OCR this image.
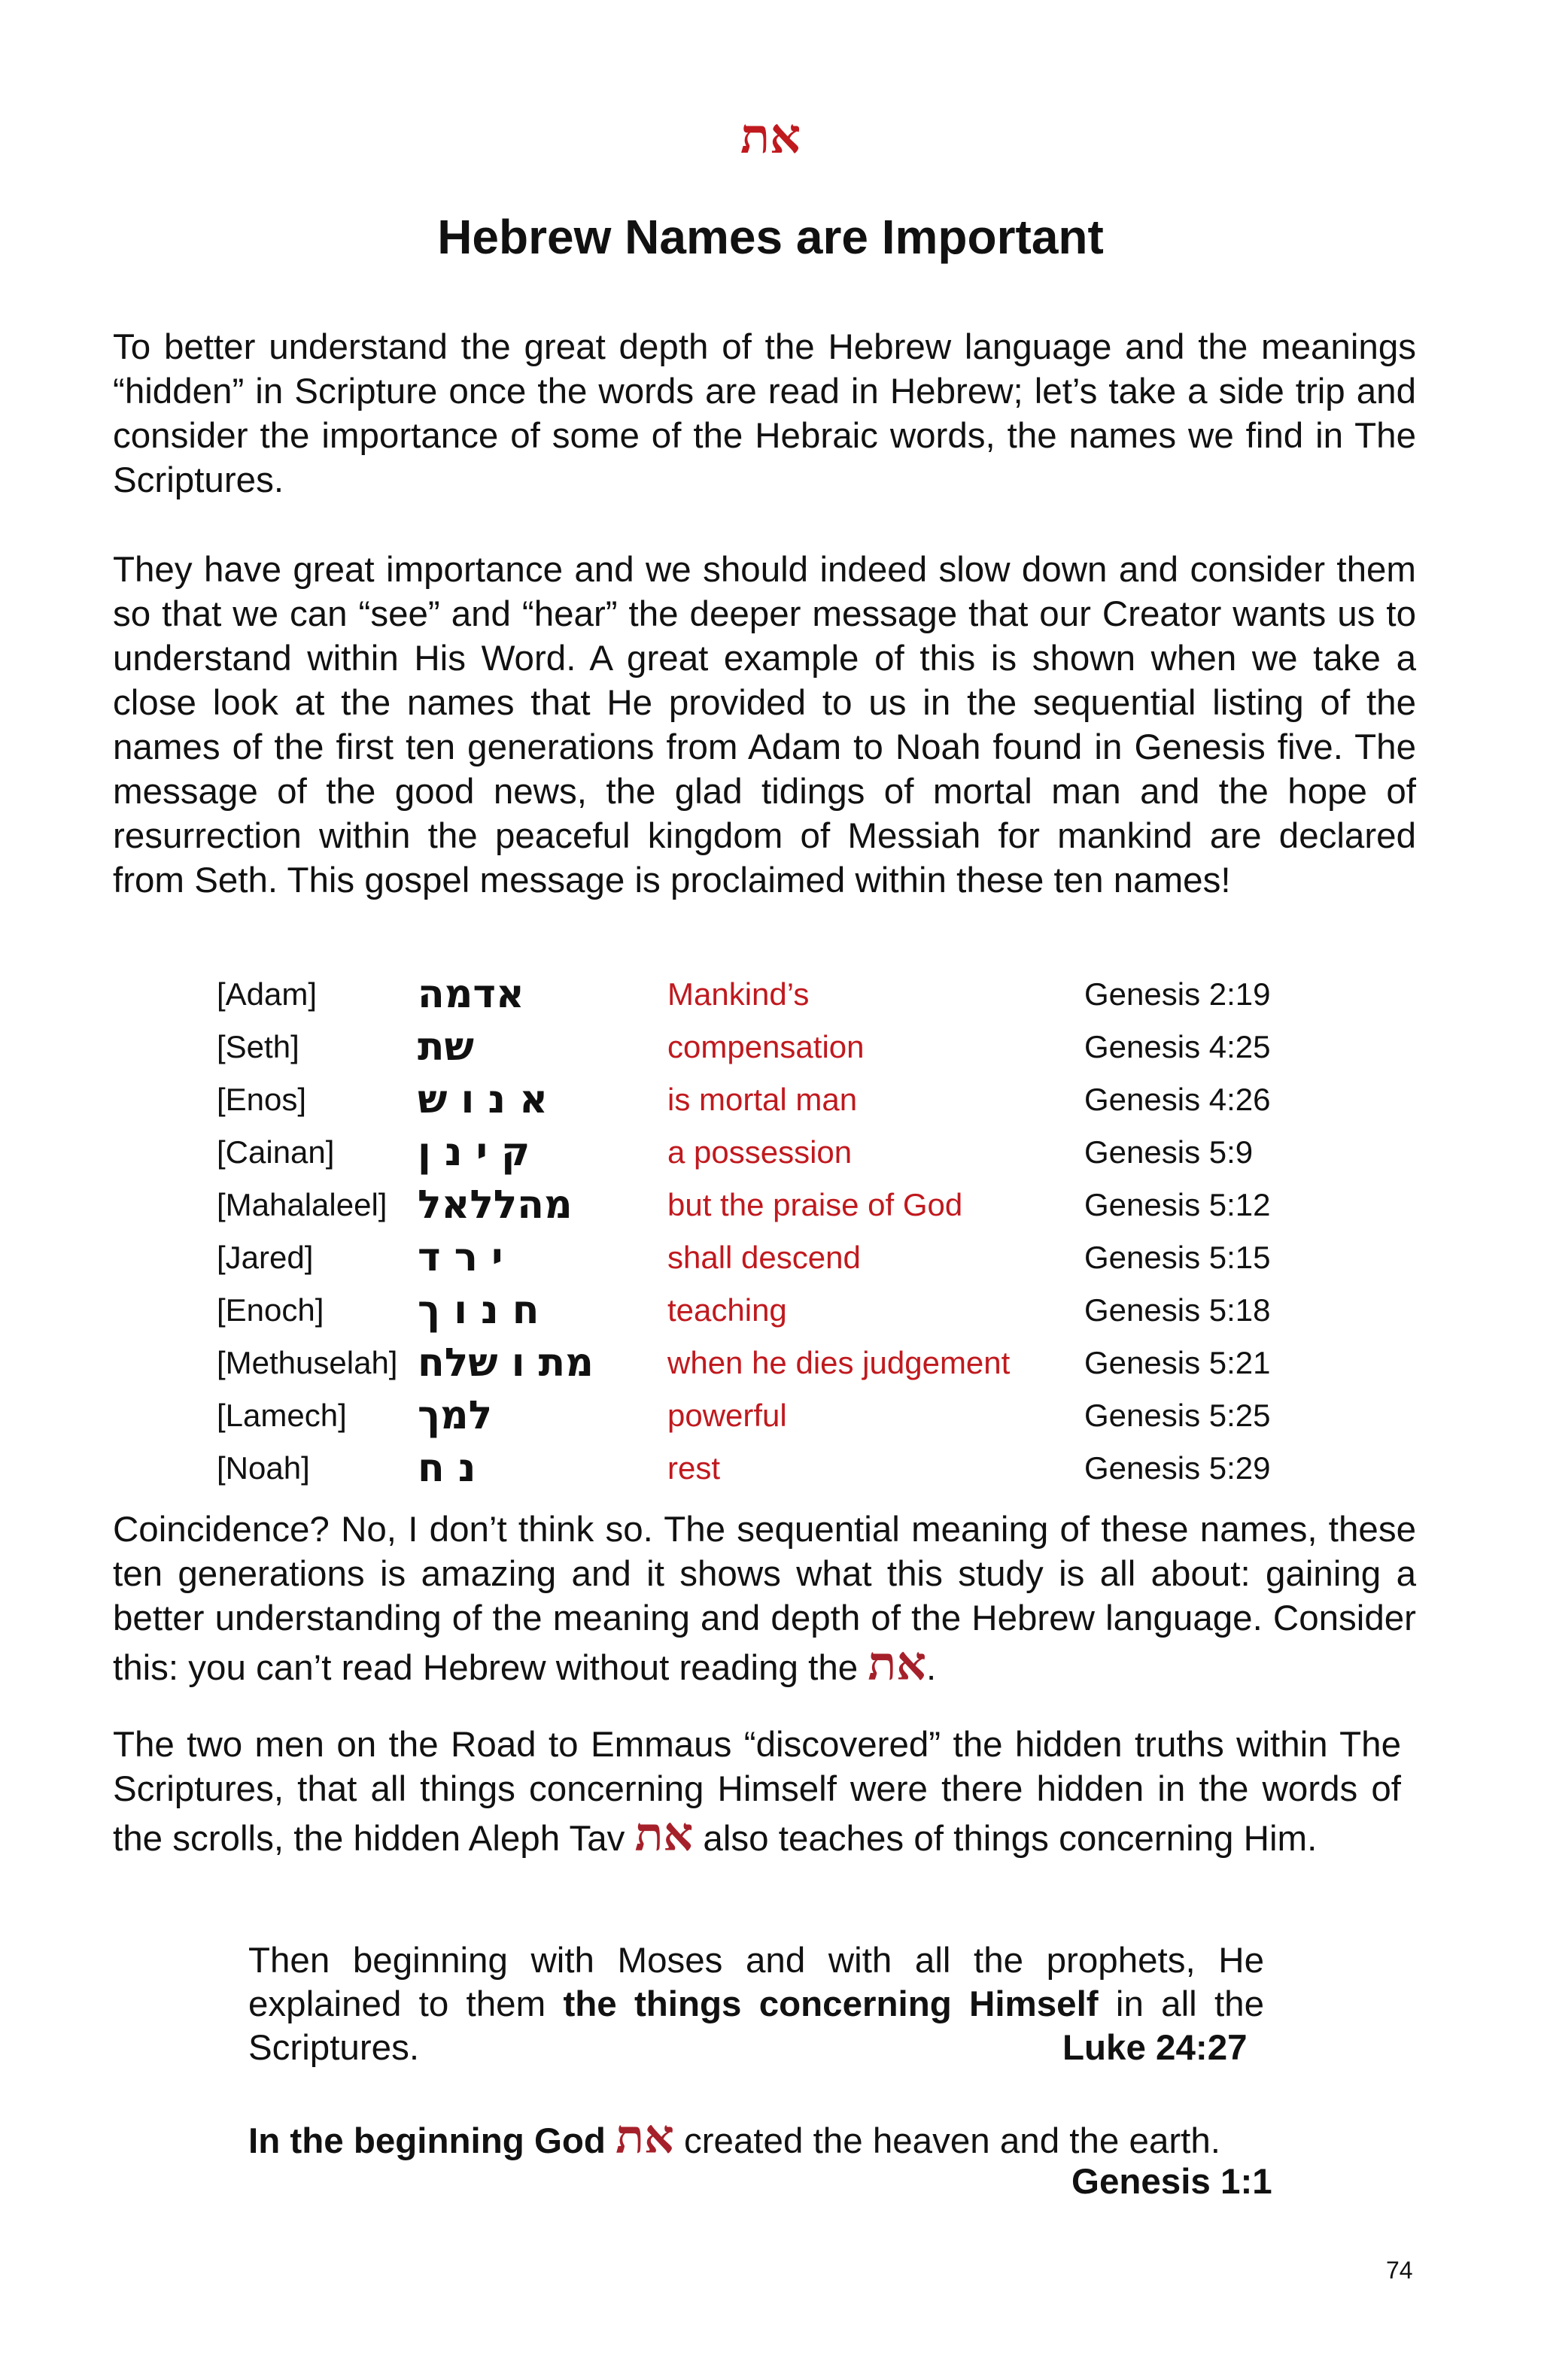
את
Hebrew Names are Important

To better understand the great depth of the Hebrew language and the meanings “hidden” in Scripture once the words are read in Hebrew; let’s take a side trip and consider the importance of some of the Hebraic words, the names we find in The Scriptures.

They have great importance and we should indeed slow down and consider them so that we can “see” and “hear” the deeper message that our Creator wants us to understand within His Word. A great example of this is shown when we take a close look at the names that He provided to us in the sequential listing of the names of the first ten generations from Adam to Noah found in Genesis five. The message of the good news, the glad tidings of mortal man and the hope of resurrection within the peaceful kingdom of Messiah for mankind are declared from Seth. This gospel message is proclaimed within these ten names!

[Adam]	אדמה	Mankind’s	Genesis 2:19
[Seth]	שת	compensation	Genesis 4:25
[Enos]	א נ ו ש	is mortal man	Genesis 4:26
[Cainan] ק י נ ן	a possession	Genesis 5:9
[Mahalaleel] מהללאל	but the praise of God	Genesis 5:12
[Jared]	י ר ד	shall descend	Genesis 5:15
[Enoch] ח נ ו ך	teaching	Genesis 5:18
[Methuselah] מת ו שלח when he dies judgement Genesis 5:21
[Lamech] למך	powerful	Genesis 5:25
[Noah]	נ ח	rest	Genesis 5:29

Coincidence? No, I don’t think so. The sequential meaning of these names, these ten generations is amazing and it shows what this study is all about: gaining a better understanding of the meaning and depth of the Hebrew language. Consider this: you can’t read Hebrew without reading the את.

The two men on the Road to Emmaus “discovered” the hidden truths within The Scriptures, that all things concerning Himself were there hidden in the words of the scrolls, the hidden Aleph Tav את also teaches of things concerning Him.

Then beginning with Moses and with all the prophets, He explained to them the things concerning Himself in all the Scriptures.	Luke 24:27

In the beginning God את created the heaven and the earth.

Genesis 1:1
74
